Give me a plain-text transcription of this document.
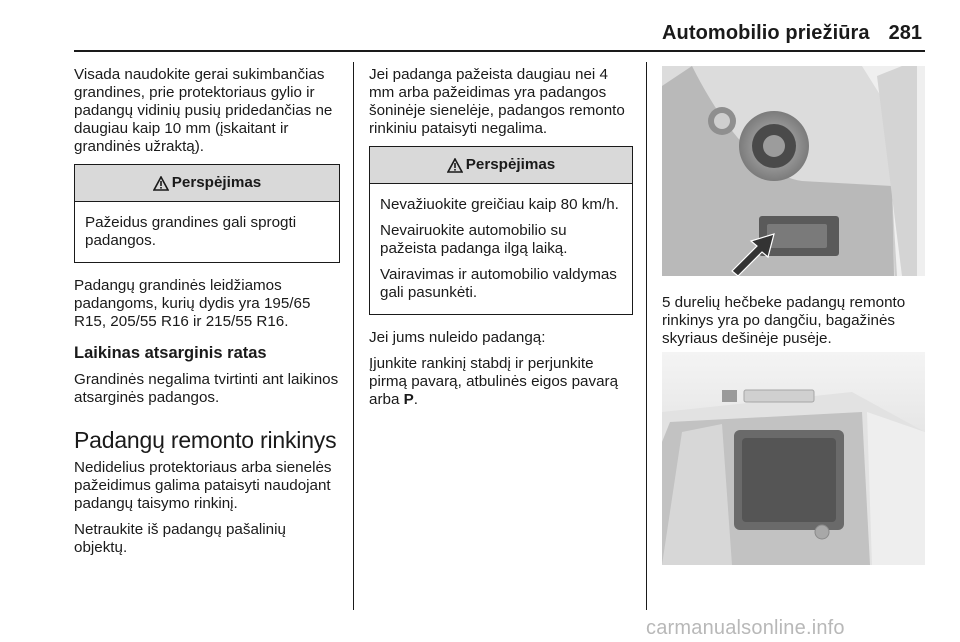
Automobilio priežiūra 281

Visada naudokite gerai sukimbančias grandines, prie protektoriaus gylio ir padangų vidinių pusių pridedančias ne daugiau kaip 10 mm (įskaitant ir grandinės užraktą).

Perspėjimas

Pažeidus grandines gali sprogti padangos.

Padangų grandinės leidžiamos padangoms, kurių dydis yra 195/65 R15, 205/55 R16 ir 215/55 R16.

Laikinas atsarginis ratas

Grandinės negalima tvirtinti ant laikinos atsarginės padangos.

Padangų remonto rinkinys

Nedidelius protektoriaus arba sienelės pažeidimus galima pataisyti naudojant padangų taisymo rinkinį.

Netraukite iš padangų pašalinių objektų.

Jei padanga pažeista daugiau nei 4 mm arba pažeidimas yra padangos šoninėje sienelėje, padangos remonto rinkiniu pataisyti negalima.

Perspėjimas

Nevažiuokite greičiau kaip 80 km/h.

Nevairuokite automobilio su pažeista padanga ilgą laiką.

Vairavimas ir automobilio valdymas gali pasunkėti.

Jei jums nuleido padangą:

Įjunkite rankinį stabdį ir perjunkite pirmą pavarą, atbulinės eigos pavarą arba P.

5 durelių hečbeke padangų remonto rinkinys yra po dangčiu, bagažinės skyriaus dešinėje pusėje.

carmanualsonline.info
